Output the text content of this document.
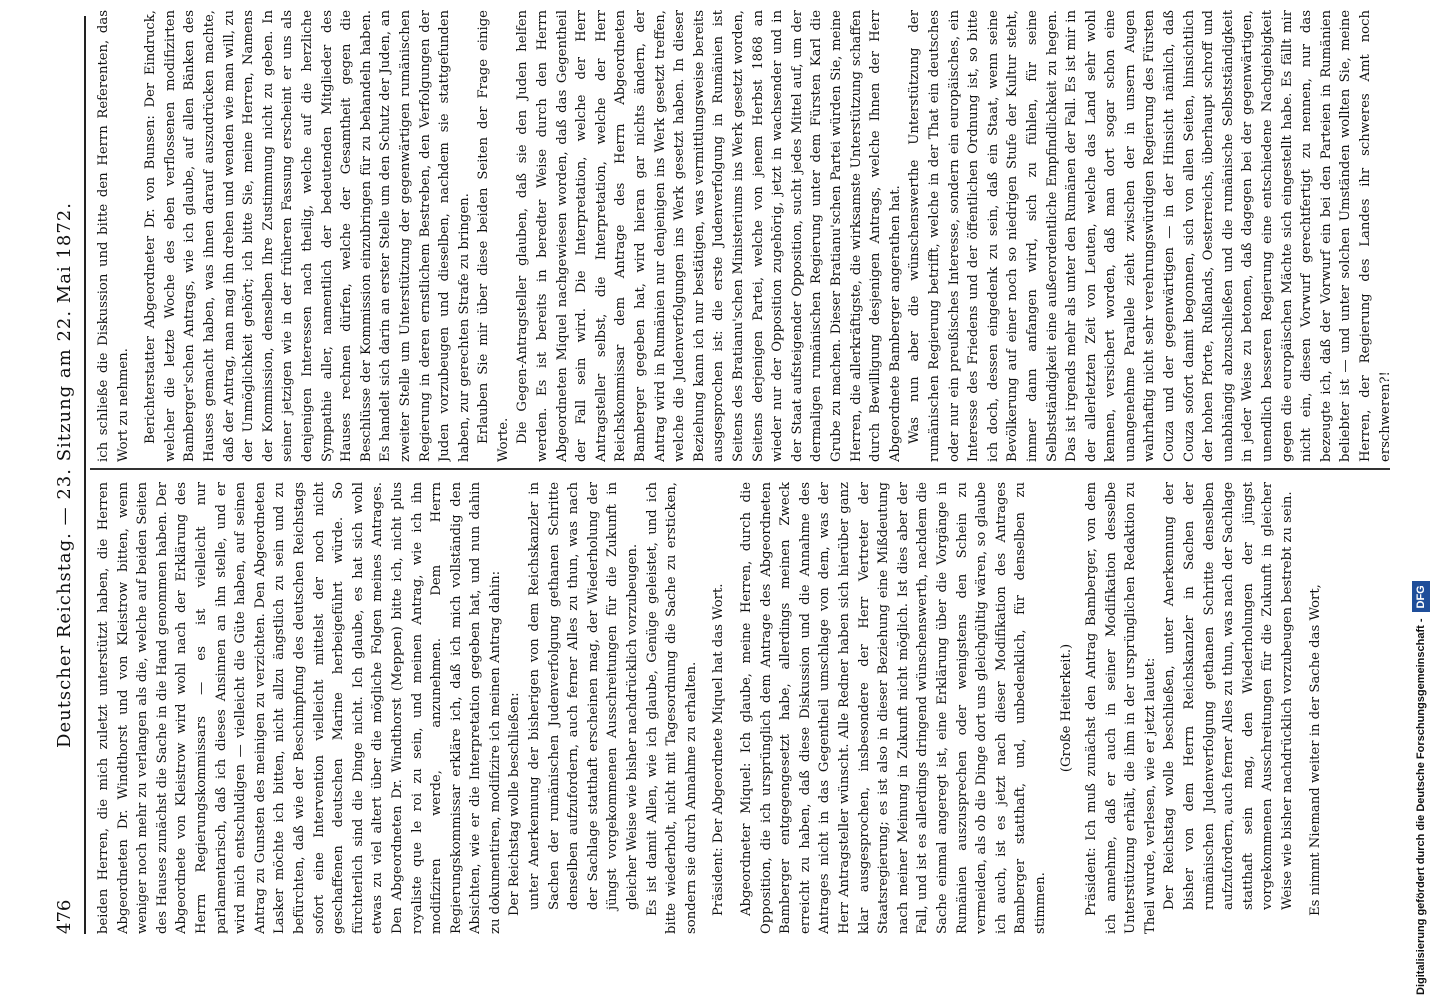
476
Deutscher Reichstag. — 23. Sitzung am 22. Mai 1872.	beiden Herren, die mich zuletzt unterstützt haben, die Herren Abgeordneten Dr. Windthorst und von Kleistrow bitten, wenn weniger noch mehr zu verlangen als die, welche auf beiden Seiten des Hauses zunächst die Sache in die Hand genommen haben. Der Abgeordnete von Kleistrow wird wohl nach der Erklärung des Herrn Regierungskommissars — es ist vielleicht nur parlamentarisch, daß ich dieses Ansinnen an ihn stelle, und er wird mich entschuldigen — vielleicht die Güte haben, auf seinen Antrag zu Gunsten des meinigen zu verzichten. Den Abgeordneten Lasker möchte ich bitten, nicht allzu ängstlich zu sein und zu befürchten, daß wie der Beschimpfung des deutschen Reichstags sofort eine Intervention vielleicht mittelst der noch nicht geschaffenen deutschen Marine herbeigeführt würde. So fürchterlich sind die Dinge nicht. Ich glaube, es hat sich wohl etwas zu viel altert über die mögliche Folgen meines Antrages. Den Abgeordneten Dr. Windthorst (Meppen) bitte ich, nicht plus royaliste que le roi zu sein, und meinen Antrag, wie ich ihn modifiziren werde, anzunehmen. Dem Herrn Regierungskommissar erkläre ich, daß ich mich vollständig den Absichten, wie er die Interpretation gegeben hat, und nun dahin zu dokumentiren, modifizire ich meinen Antrag dahin: Der Reichstag wolle beschließen: unter Anerkennung der bisherigen von dem Reichskanzler in Sachen der rumänischen Judenverfolgung gethanen Schritte denselben aufzufordern, auch ferner Alles zu thun, was nach der Sachlage statthaft erscheinen mag, der Wiederholung der jüngst vorgekommenen Ausschreitungen für die Zukunft in gleicher Weise wie bisher nachdrücklich vorzubeugen. Es ist damit Allen, wie ich glaube, Genüge geleistet, und ich bitte wiederholt, nicht mit Tagesordnung die Sache zu ersticken, sondern sie durch Annahme zu erhalten. Präsident: Der Abgeordnete Miquel hat das Wort. Abgeordneter Miquel: Ich glaube, meine Herren, durch die Opposition, die ich ursprünglich dem Antrage des Abgeordneten Bamberger entgegengesetzt habe, allerdings meinen Zweck erreicht zu haben, daß diese Diskussion und die Annahme des Antrages nicht in das Gegentheil umschlage von dem, was der Herr Antragsteller wünscht. Alle Redner haben sich hierüber ganz klar ausgesprochen, insbesondere der Herr Vertreter der Staatsregierung; es ist also in dieser Beziehung eine Mißdeutung nach meiner Meinung in Zukunft nicht möglich. Ist dies aber der Fall, und ist es allerdings dringend wünschenswerth, nachdem die Sache einmal angeregt ist, eine Erklärung über die Vorgänge in Rumänien auszusprechen oder wenigstens den Schein zu vermeiden, als ob die Dinge dort uns gleichgültig wären, so glaube ich auch, ist es jetzt nach dieser Modifikation des Antrages Bamberger statthaft, und, unbedenklich, für denselben zu stimmen.

(Große Heiterkeit.) Präsident: Ich muß zunächst den Antrag Bamberger, von dem ich annehme, daß er auch in seiner Modifikation desselbe Unterstützung erhält, die ihm in der ursprünglichen Redaktion zu Theil wurde, verlesen, wie er jetzt lautet: Der Reichstag wolle beschließen, unter Anerkennung der bisher von dem Herrn Reichskanzler in Sachen der rumänischen Judenverfolgung gethanen Schritte denselben aufzufordern, auch ferner Alles zu thun, was nach der Sachlage statthaft sein mag, den Wiederholungen der jüngst vorgekommenen Ausschreitungen für die Zukunft in gleicher Weise wie bisher nachdrücklich vorzubeugen bestrebt zu sein. Es nimmt Niemand weiter in der Sache das Wort,

ich schließe die Diskussion und bitte den Herrn Referenten, das Wort zu nehmen. Berichterstatter Abgeordneter Dr. von Bunsen: Der Eindruck, welcher die letzte Woche des eben verflossenen modifizirten Bamberger'schen Antrags, wie ich glaube, auf allen Bänken des Hauses gemacht haben, was ihnen darauf auszudrücken machte, daß der Antrag, man mag ihn drehen und wenden wie man will, zu der Unmöglichkeit gehört; ich bitte Sie, meine Herren, Namens der Kommission, denselben Ihre Zustimmung nicht zu geben. In seiner jetzigen wie in der früheren Fassung erscheint er uns als denjenigen Interessen nach theilig, welche auf die herzliche Sympathie aller, namentlich der bedeutenden Mitglieder des Hauses rechnen dürfen, welche der Gesamtheit gegen die Beschlüsse der Kommission einzubringen für zu behandeln haben. Es handelt sich darin an erster Stelle um den Schutz der Juden, an zweiter Stelle um Unterstützung der gegenwärtigen rumänischen Regierung in deren ernstlichem Bestreben, den Verfolgungen der Juden vorzubeugen und dieselben, nachdem sie stattgefunden haben, zur gerechten Strafe zu bringen. Erlauben Sie mir über diese beiden Seiten der Frage einige Worte. Die Gegen-Antragsteller glauben, daß sie den Juden helfen werden. Es ist bereits in beredter Weise durch den Herrn Abgeordneten Miquel nachgewiesen worden, daß das Gegentheil der Fall sein wird. Die Interpretation, welche der Herr Antragsteller selbst, die Interpretation, welche der Herr Reichskommissar dem Antrage des Herrn Abgeordneten Bamberger gegeben hat, wird hieran gar nichts ändern, der Antrag wird in Rumänien nur denjenigen ins Werk gesetzt treffen, welche die Judenverfolgungen ins Werk gesetzt haben. In dieser Beziehung kann ich nur bestätigen, was vermittlungsweise bereits ausgesprochen ist: die erste Judenverfolgung in Rumänien ist Seitens des Bratianu'schen Ministeriums ins Werk gesetzt worden, Seitens derjenigen Partei, welche von jenem Herbst 1868 an wieder nur der Opposition zugehörig, jetzt in wachsender und in der Staat aufsteigender Opposition, sucht jedes Mittel auf, um der dermaligen rumänischen Regierung unter dem Fürsten Karl die Grube zu machen. Dieser Bratianu'schen Partei würden Sie, meine Herren, die allerkräftigste, die wirksamste Unterstützung schaffen durch Bewilligung desjenigen Antrags, welche Ihnen der Herr Abgeordnete Bamberger angerathen hat. Was nun aber die wünschenswerthe Unterstützung der rumänischen Regierung betrifft, welche in der That ein deutsches oder nur ein preußisches Interesse, sondern ein europäisches, ein Interesse des Friedens und der öffentlichen Ordnung ist, so bitte ich doch, dessen eingedenk zu sein, daß ein Staat, wenn seine Bevölkerung auf einer noch so niedrigen Stufe der Kultur steht, immer dann anfangen wird, sich zu fühlen, für seine Selbstständigkeit eine außerordentliche Empfindlichkeit zu hegen. Das ist irgends mehr als unter den Rumänen der Fall. Es ist mir in der allerletzten Zeit von Leuten, welche das Land sehr wohl kennen, versichert worden, daß man dort sogar schon eine unangenehme Parallele zieht zwischen der in unsern Augen wahrhaftig nicht sehr verehrungswürdigen Regierung des Fürsten Couza und der gegenwärtigen — in der Hinsicht nämlich, daß Couza sofort damit begonnen, sich von allen Seiten, hinsichtlich der hohen Pforte, Rußlands, Oesterreichs, überhaupt schroff und unabhängig abzuschließen und die rumänische Selbstständigkeit in jeder Weise zu betonen, daß dagegen bei der gegenwärtigen, unendlich besseren Regierung eine entschiedene Nachgiebigkeit gegen die europäischen Mächte sich eingestellt habe. Es fällt mir nicht ein, diesen Vorwurf gerechtfertigt zu nennen, nur das bezeugte ich, daß der Vorwurf ein bei den Parteien in Rumänien beliebter ist — und unter solchen Umständen wollten Sie, meine Herren, der Regierung des Landes ihr schweres Amt noch erschweren?!

Digitalisierung gefördert durch die Deutsche Forschungsgemeinschaft -DFG
